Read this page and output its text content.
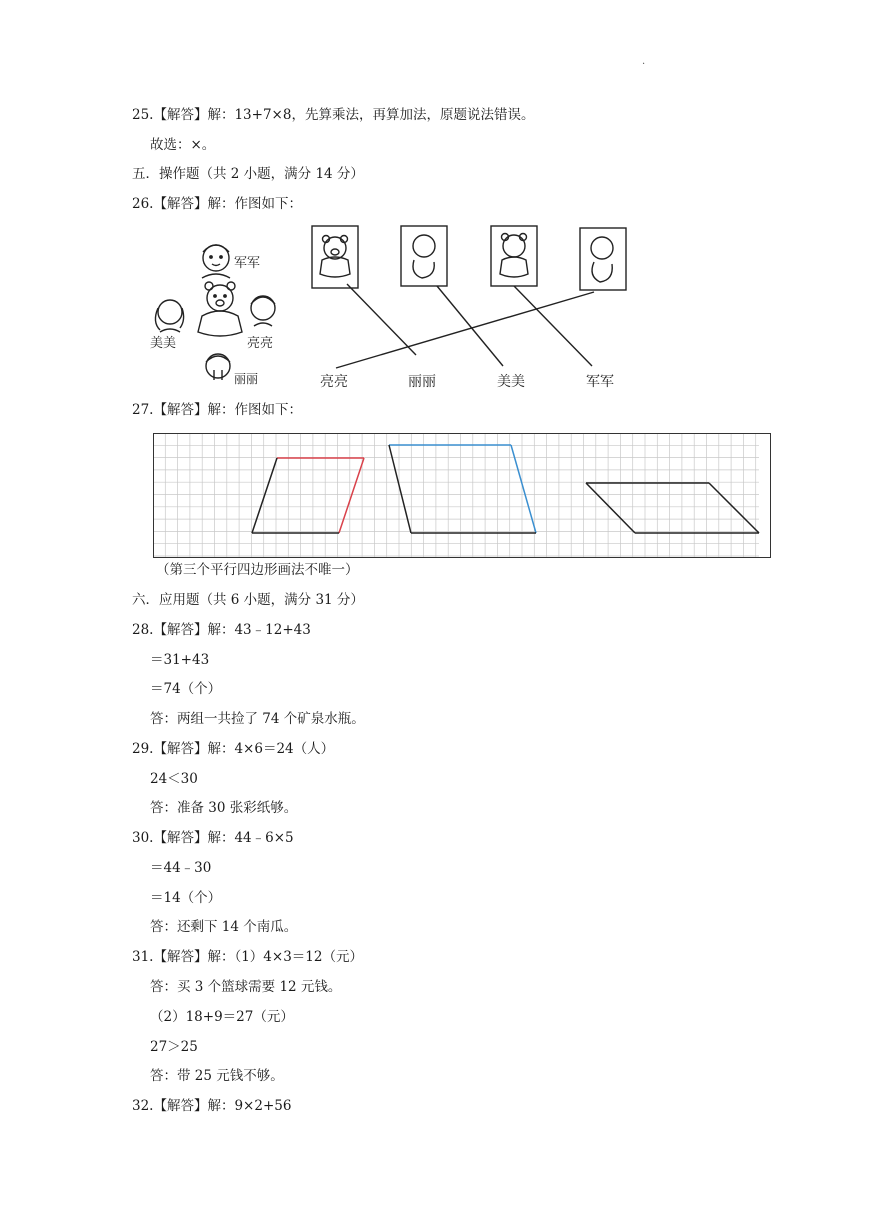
.
25.【解答】解：13+7×8，先算乘法，再算加法，原题说法错误。
故选：×。
五．操作题（共 2 小题，满分 14 分）
26.【解答】解：作图如下：
军军
美美	亮亮
丽丽	亮亮	丽丽	美美	军军
27.【解答】解：作图如下：
（第三个平行四边形画法不唯一）
六．应用题（共 6 小题，满分 31 分）
28.【解答】解：43﹣12+43
＝31+43
＝74（个）
答：两组一共捡了 74 个矿泉水瓶。
29.【解答】解：4×6＝24（人）
24＜30
答：准备 30 张彩纸够。
30.【解答】解：44﹣6×5
＝44﹣30
＝14（个）
答：还剩下 14 个南瓜。
31.【解答】解：（1）4×3＝12（元）
答：买 3 个篮球需要 12 元钱。
（2）18+9＝27（元）
27＞25
答：带 25 元钱不够。
32.【解答】解：9×2+56
